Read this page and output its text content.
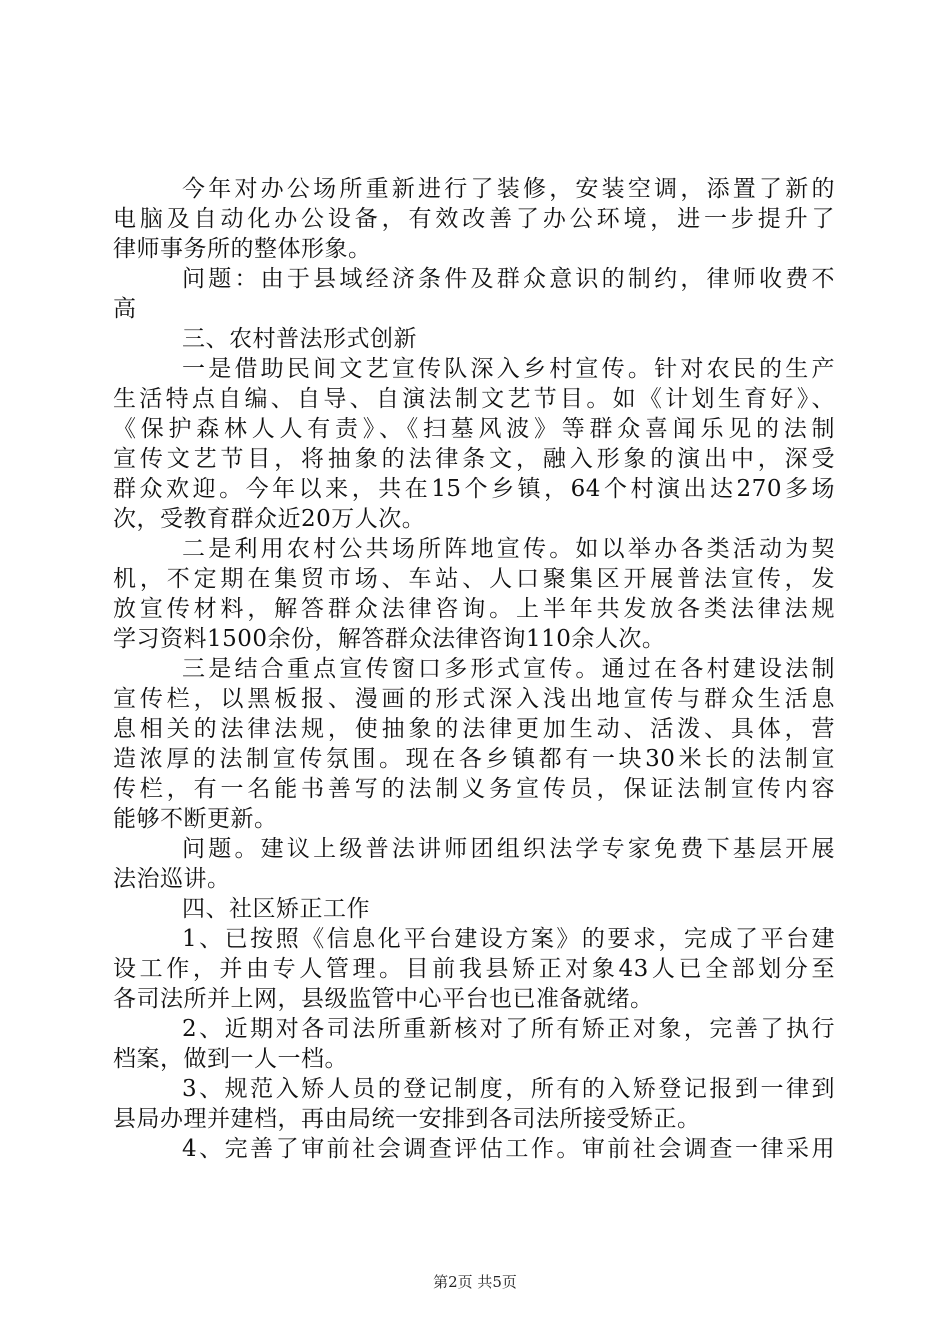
今年对办公场所重新进行了装修，安装空调，添置了新的
电脑及自动化办公设备，有效改善了办公环境，进一步提升了
律师事务所的整体形象。
问题：由于县域经济条件及群众意识的制约，律师收费不
高
三、农村普法形式创新
一是借助民间文艺宣传队深入乡村宣传。针对农民的生产
生活特点自编、自导、自演法制文艺节目。如《计划生育好》、
《保护森林人人有责》、《扫墓风波》等群众喜闻乐见的法制
宣传文艺节目，将抽象的法律条文，融入形象的演出中，深受
群众欢迎。今年以来，共在15个乡镇，64个村演出达270多场
次，受教育群众近20万人次。
二是利用农村公共场所阵地宣传。如以举办各类活动为契
机，不定期在集贸市场、车站、人口聚集区开展普法宣传，发
放宣传材料，解答群众法律咨询。上半年共发放各类法律法规
学习资料1500余份，解答群众法律咨询110余人次。
三是结合重点宣传窗口多形式宣传。通过在各村建设法制
宣传栏，以黑板报、漫画的形式深入浅出地宣传与群众生活息
息相关的法律法规，使抽象的法律更加生动、活泼、具体，营
造浓厚的法制宣传氛围。现在各乡镇都有一块30米长的法制宣
传栏，有一名能书善写的法制义务宣传员，保证法制宣传内容
能够不断更新。
问题。建议上级普法讲师团组织法学专家免费下基层开展
法治巡讲。
四、社区矫正工作
1、已按照《信息化平台建设方案》的要求，完成了平台建
设工作，并由专人管理。目前我县矫正对象43人已全部划分至
各司法所并上网，县级监管中心平台也已准备就绪。
2、近期对各司法所重新核对了所有矫正对象，完善了执行
档案，做到一人一档。
3、规范入矫人员的登记制度，所有的入矫登记报到一律到
县局办理并建档，再由局统一安排到各司法所接受矫正。
4、完善了审前社会调查评估工作。审前社会调查一律采用
第2页 共5页
